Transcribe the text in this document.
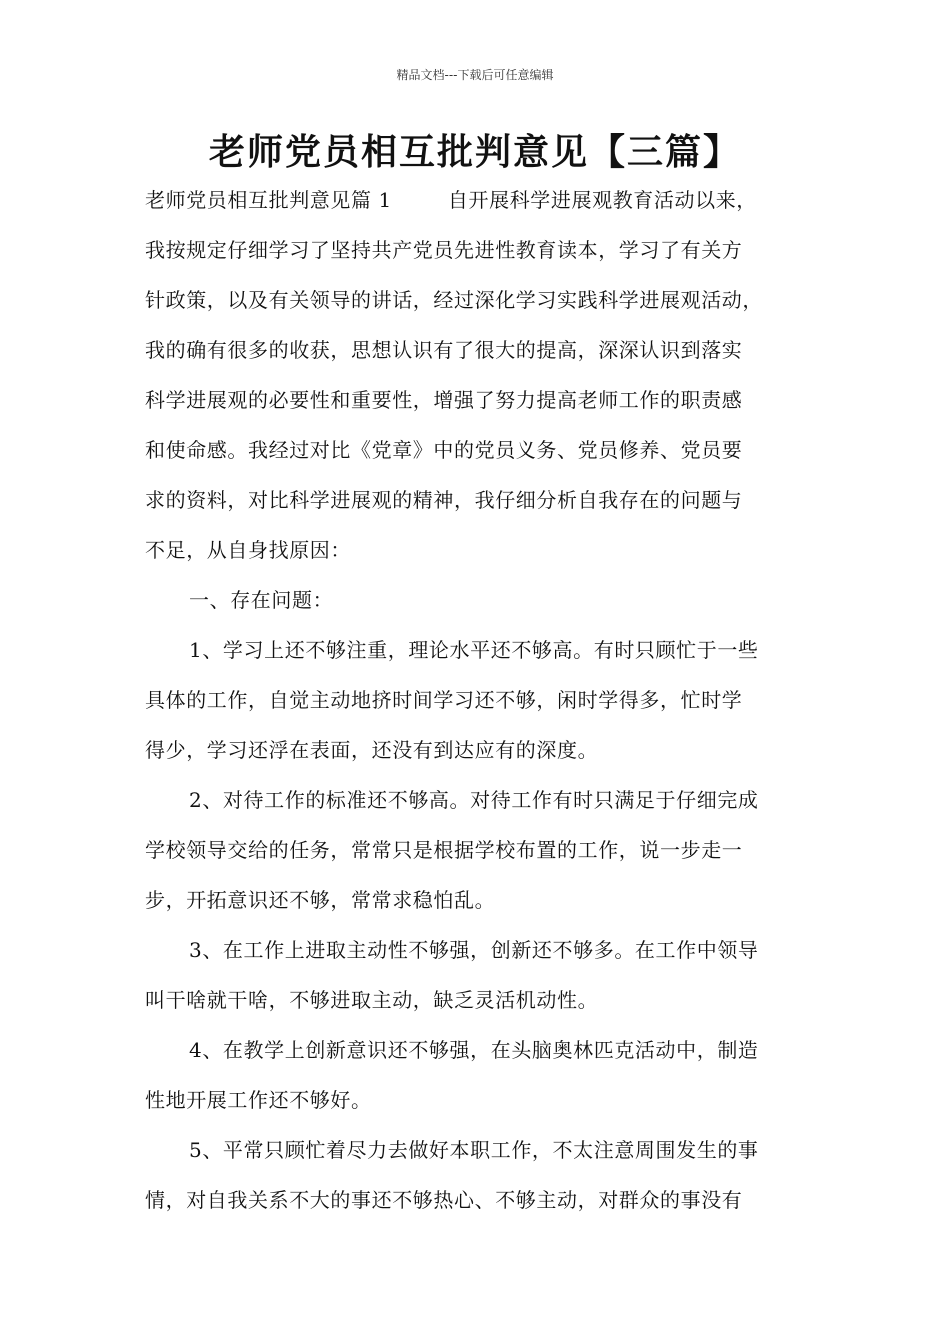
精品文档---下载后可任意编辑
老师党员相互批判意见【三篇】
老师党员相互批判意见篇 1	自开展科学进展观教育活动以来，
我按规定仔细学习了坚持共产党员先进性教育读本，学习了有关方
针政策，以及有关领导的讲话，经过深化学习实践科学进展观活动，
我的确有很多的收获，思想认识有了很大的提高，深深认识到落实
科学进展观的必要性和重要性，增强了努力提高老师工作的职责感
和使命感。我经过对比《党章》中的党员义务、党员修养、党员要
求的资料，对比科学进展观的精神，我仔细分析自我存在的问题与
不足，从自身找原因：
一、存在问题：
1、学习上还不够注重，理论水平还不够高。有时只顾忙于一些
具体的工作，自觉主动地挤时间学习还不够，闲时学得多，忙时学
得少，学习还浮在表面，还没有到达应有的深度。
2、对待工作的标准还不够高。对待工作有时只满足于仔细完成
学校领导交给的任务，常常只是根据学校布置的工作，说一步走一
步，开拓意识还不够，常常求稳怕乱。
3、在工作上进取主动性不够强，创新还不够多。在工作中领导
叫干啥就干啥，不够进取主动，缺乏灵活机动性。
4、在教学上创新意识还不够强，在头脑奥林匹克活动中，制造
性地开展工作还不够好。
5、平常只顾忙着尽力去做好本职工作，不太注意周围发生的事
情，对自我关系不大的事还不够热心、不够主动，对群众的事没有
